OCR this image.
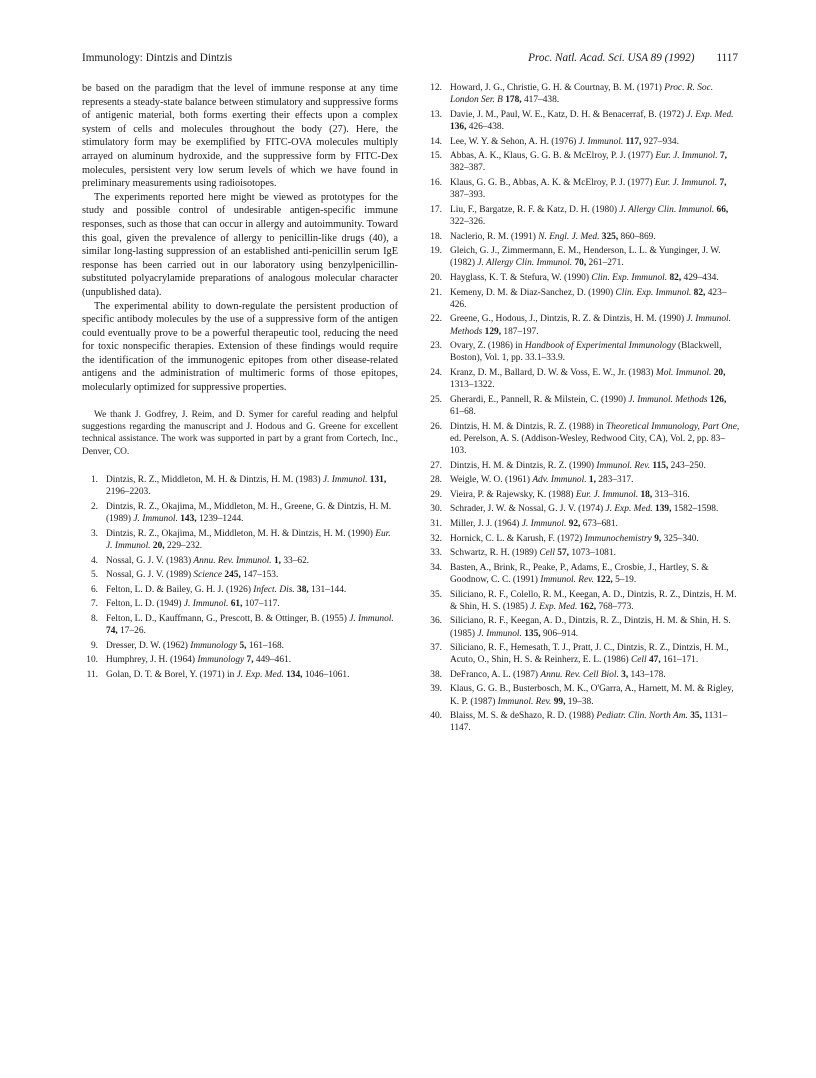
Immunology: Dintzis and Dintzis	Proc. Natl. Acad. Sci. USA 89 (1992) 1117

be based on the paradigm that the level of immune response at any time represents a steady-state balance between stimulatory and suppressive forms of antigenic material, both forms exerting their effects upon a complex system of cells and molecules throughout the body (27). Here, the stimulatory form may be exemplified by FITC-OVA molecules multiply arrayed on aluminum hydroxide, and the suppressive form by FITC-Dex molecules, persistent very low serum levels of which we have found in preliminary measurements using radioisotopes.

The experiments reported here might be viewed as prototypes for the study and possible control of undesirable antigen-specific immune responses, such as those that can occur in allergy and autoimmunity. Toward this goal, given the prevalence of allergy to penicillin-like drugs (40), a similar long-lasting suppression of an established anti-penicillin serum IgE response has been carried out in our laboratory using benzylpenicillin-substituted polyacrylamide preparations of analogous molecular character (unpublished data).

The experimental ability to down-regulate the persistent production of specific antibody molecules by the use of a suppressive form of the antigen could eventually prove to be a powerful therapeutic tool, reducing the need for toxic nonspecific therapies. Extension of these findings would require the identification of the immunogenic epitopes from other disease-related antigens and the administration of multimeric forms of those epitopes, molecularly optimized for suppressive properties.

We thank J. Godfrey, J. Reim, and D. Symer for careful reading and helpful suggestions regarding the manuscript and J. Hodous and G. Greene for excellent technical assistance. The work was supported in part by a grant from Cortech, Inc., Denver, CO.

1. Dintzis, R. Z., Middleton, M. H. & Dintzis, H. M. (1983) J. Immunol. 131, 2196–2203.
2. Dintzis, R. Z., Okajima, M., Middleton, M. H., Greene, G. & Dintzis, H. M. (1989) J. Immunol. 143, 1239–1244.
3. Dintzis, R. Z., Okajima, M., Middleton, M. H. & Dintzis, H. M. (1990) Eur. J. Immunol. 20, 229–232.
4. Nossal, G. J. V. (1983) Annu. Rev. Immunol. 1, 33–62.
5. Nossal, G. J. V. (1989) Science 245, 147–153.
6. Felton, L. D. & Bailey, G. H. J. (1926) Infect. Dis. 38, 131–144.
7. Felton, L. D. (1949) J. Immunol. 61, 107–117.
8. Felton, L. D., Kauffmann, G., Prescott, B. & Ottinger, B. (1955) J. Immunol. 74, 17–26.
9. Dresser, D. W. (1962) Immunology 5, 161–168.
10. Humphrey, J. H. (1964) Immunology 7, 449–461.
11. Golan, D. T. & Borel, Y. (1971) in J. Exp. Med. 134, 1046–1061.
12. Howard, J. G., Christie, G. H. & Courtnay, B. M. (1971) Proc. R. Soc. London Ser. B 178, 417–438.
13. Davie, J. M., Paul, W. E., Katz, D. H. & Benacerraf, B. (1972) J. Exp. Med. 136, 426–438.
14. Lee, W. Y. & Sehon, A. H. (1976) J. Immunol. 117, 927–934.
15. Abbas, A. K., Klaus, G. G. B. & McElroy, P. J. (1977) Eur. J. Immunol. 7, 382–387.
16. Klaus, G. G. B., Abbas, A. K. & McElroy, P. J. (1977) Eur. J. Immunol. 7, 387–393.
17. Liu, F., Bargatze, R. F. & Katz, D. H. (1980) J. Allergy Clin. Immunol. 66, 322–326.
18. Naclerio, R. M. (1991) N. Engl. J. Med. 325, 860–869.
19. Gleich, G. J., Zimmermann, E. M., Henderson, L. L. & Yunginger, J. W. (1982) J. Allergy Clin. Immunol. 70, 261–271.
20. Hayglass, K. T. & Stefura, W. (1990) Clin. Exp. Immunol. 82, 429–434.
21. Kemeny, D. M. & Diaz-Sanchez, D. (1990) Clin. Exp. Immunol. 82, 423–426.
22. Greene, G., Hodous, J., Dintzis, R. Z. & Dintzis, H. M. (1990) J. Immunol. Methods 129, 187–197.
23. Ovary, Z. (1986) in Handbook of Experimental Immunology (Blackwell, Boston), Vol. 1, pp. 33.1–33.9.
24. Kranz, D. M., Ballard, D. W. & Voss, E. W., Jr. (1983) Mol. Immunol. 20, 1313–1322.
25. Gherardi, E., Pannell, R. & Milstein, C. (1990) J. Immunol. Methods 126, 61–68.
26. Dintzis, H. M. & Dintzis, R. Z. (1988) in Theoretical Immunology, Part One, ed. Perelson, A. S. (Addison-Wesley, Redwood City, CA), Vol. 2, pp. 83–103.
27. Dintzis, H. M. & Dintzis, R. Z. (1990) Immunol. Rev. 115, 243–250.
28. Weigle, W. O. (1961) Adv. Immunol. 1, 283–317.
29. Vieira, P. & Rajewsky, K. (1988) Eur. J. Immunol. 18, 313–316.
30. Schrader, J. W. & Nossal, G. J. V. (1974) J. Exp. Med. 139, 1582–1598.
31. Miller, J. J. (1964) J. Immunol. 92, 673–681.
32. Hornick, C. L. & Karush, F. (1972) Immunochemistry 9, 325–340.
33. Schwartz, R. H. (1989) Cell 57, 1073–1081.
34. Basten, A., Brink, R., Peake, P., Adams, E., Crosbie, J., Hartley, S. & Goodnow, C. C. (1991) Immunol. Rev. 122, 5–19.
35. Siliciano, R. F., Colello, R. M., Keegan, A. D., Dintzis, R. Z., Dintzis, H. M. & Shin, H. S. (1985) J. Exp. Med. 162, 768–773.
36. Siliciano, R. F., Keegan, A. D., Dintzis, R. Z., Dintzis, H. M. & Shin, H. S. (1985) J. Immunol. 135, 906–914.
37. Siliciano, R. F., Hemesath, T. J., Pratt, J. C., Dintzis, R. Z., Dintzis, H. M., Acuto, O., Shin, H. S. & Reinherz, E. L. (1986) Cell 47, 161–171.
38. DeFranco, A. L. (1987) Annu. Rev. Cell Biol. 3, 143–178.
39. Klaus, G. G. B., Busterbosch, M. K., O'Garra, A., Harnett, M. M. & Rigley, K. P. (1987) Immunol. Rev. 99, 19–38.
40. Blaiss, M. S. & deShazo, R. D. (1988) Pediatr. Clin. North Am. 35, 1131–1147.
